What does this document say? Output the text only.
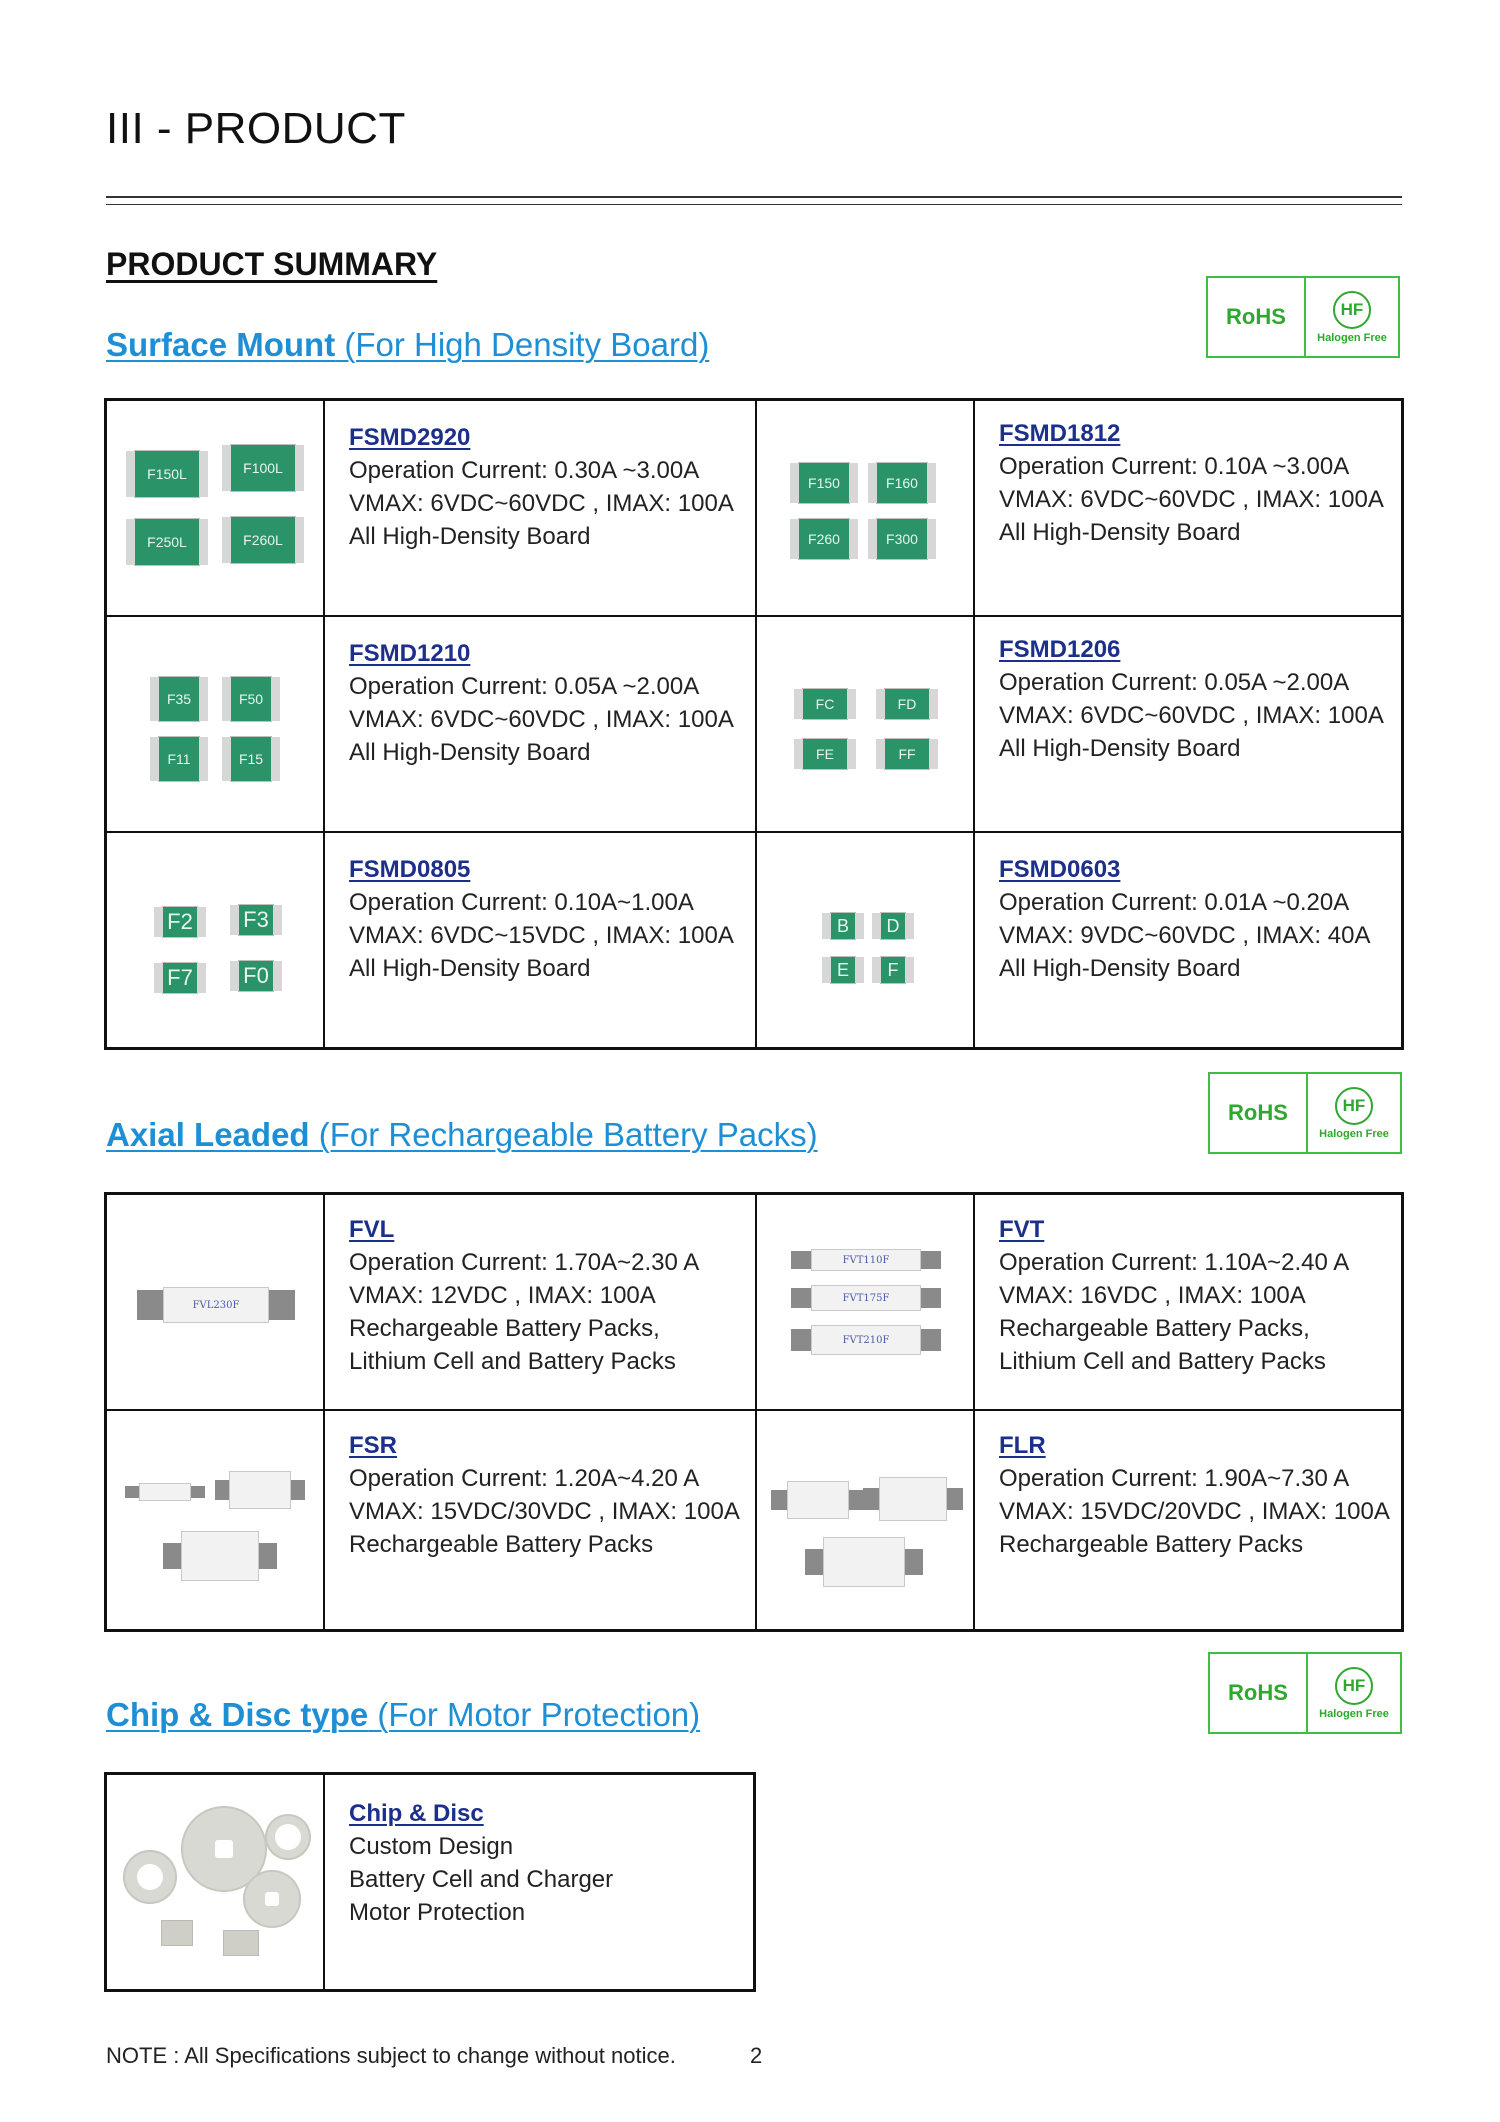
III - PRODUCT
PRODUCT SUMMARY
Surface Mount (For High Density Board)
RoHS	HF
Halogen Free
F150L	F100L
F250L	F260L
FSMD2920
Operation Current: 0.30A ~3.00A
VMAX: 6VDC~60VDC , IMAX: 100A
All High-Density Board
F150	F160
F260	F300
FSMD1812
Operation Current: 0.10A ~3.00A
VMAX: 6VDC~60VDC , IMAX: 100A
All High-Density Board
F35	F50
F11	F15
FSMD1210
Operation Current: 0.05A ~2.00A
VMAX: 6VDC~60VDC , IMAX: 100A
All High-Density Board
FC	FD
FE	FF
FSMD1206
Operation Current: 0.05A ~2.00A
VMAX: 6VDC~60VDC , IMAX: 100A
All High-Density Board
F2 F3
F7 F0
FSMD0805
Operation Current: 0.10A~1.00A
VMAX: 6VDC~15VDC , IMAX: 100A
All High-Density Board
B	D
E	F
FSMD0603
Operation Current: 0.01A ~0.20A
VMAX: 9VDC~60VDC , IMAX: 40A
All High-Density Board
Axial Leaded (For Rechargeable Battery Packs)
RoHS	HF
Halogen Free
FVL230F
FVL
Operation Current: 1.70A~2.30 A
VMAX: 12VDC , IMAX: 100A
Rechargeable Battery Packs,
Lithium Cell and Battery Packs
FVT110F
FVT175F
FVT210F
FVT
Operation Current: 1.10A~2.40 A
VMAX: 16VDC , IMAX: 100A
Rechargeable Battery Packs,
Lithium Cell and Battery Packs
FSR
Operation Current: 1.20A~4.20 A
VMAX: 15VDC/30VDC , IMAX: 100A
Rechargeable Battery Packs
FLR
Operation Current: 1.90A~7.30 A
VMAX: 15VDC/20VDC , IMAX: 100A
Rechargeable Battery Packs
Chip & Disc type (For Motor Protection)
RoHS	HF
Halogen Free
Chip & Disc
Custom Design
Battery Cell and Charger
Motor Protection
NOTE : All Specifications subject to change without notice.	2
